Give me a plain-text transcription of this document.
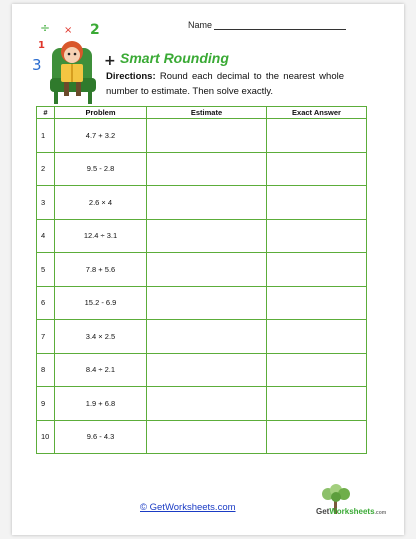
Name
÷	2
1
×
3	+ Smart Rounding
Directions: Round each decimal to the nearest whole number to estimate. Then solve exactly.
#	Problem	Estimate	Exact Answer
1	4.7 + 3.2		
2	9.5 - 2.8		
3	2.6 × 4		
4	12.4 ÷ 3.1		
5	7.8 + 5.6		
6	15.2 - 6.9		
7	3.4 × 2.5		
8	8.4 ÷ 2.1		
9	1.9 + 6.8		
10	9.6 - 4.3		
© GetWorksheets.com	GetWorksheets.com
